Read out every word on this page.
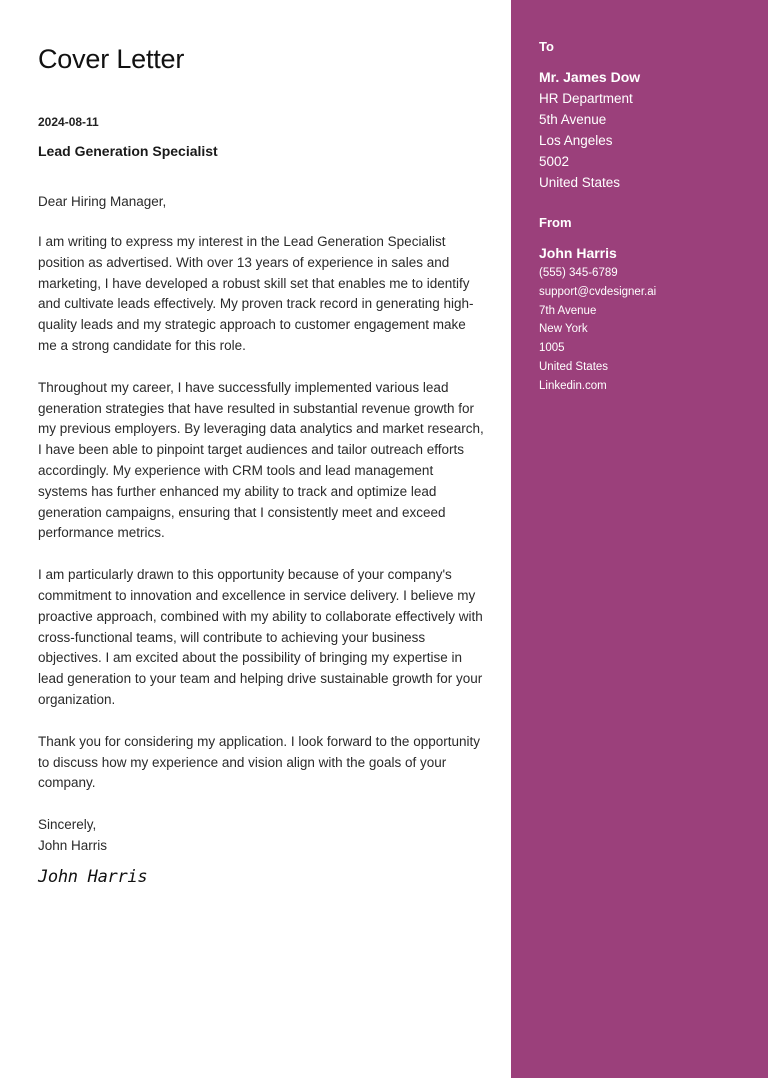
Cover Letter
2024-08-11
Lead Generation Specialist
Dear Hiring Manager,
I am writing to express my interest in the Lead Generation Specialist position as advertised. With over 13 years of experience in sales and marketing, I have developed a robust skill set that enables me to identify and cultivate leads effectively. My proven track record in generating high-quality leads and my strategic approach to customer engagement make me a strong candidate for this role.
Throughout my career, I have successfully implemented various lead generation strategies that have resulted in substantial revenue growth for my previous employers. By leveraging data analytics and market research, I have been able to pinpoint target audiences and tailor outreach efforts accordingly. My experience with CRM tools and lead management systems has further enhanced my ability to track and optimize lead generation campaigns, ensuring that I consistently meet and exceed performance metrics.
I am particularly drawn to this opportunity because of your company's commitment to innovation and excellence in service delivery. I believe my proactive approach, combined with my ability to collaborate effectively with cross-functional teams, will contribute to achieving your business objectives. I am excited about the possibility of bringing my expertise in lead generation to your team and helping drive sustainable growth for your organization.
Thank you for considering my application. I look forward to the opportunity to discuss how my experience and vision align with the goals of your company.
Sincerely,
John Harris
John Harris
To
Mr. James Dow
HR Department
5th Avenue
Los Angeles
5002
United States
From
John Harris
(555) 345-6789
support@cvdesigner.ai
7th Avenue
New York
1005
United States
Linkedin.com
